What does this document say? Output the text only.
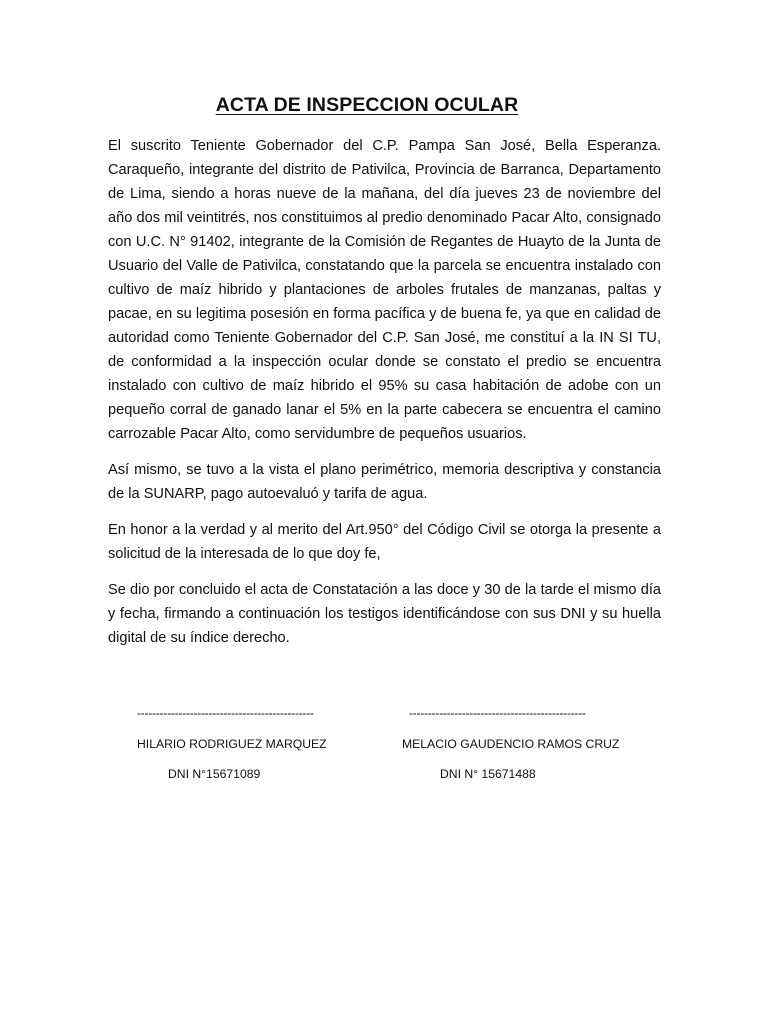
ACTA DE INSPECCION OCULAR

El suscrito Teniente Gobernador del C.P. Pampa San José, Bella Esperanza. Caraqueño, integrante del distrito de Pativilca, Provincia de Barranca, Departamento de Lima, siendo a horas nueve de la mañana, del día jueves 23 de noviembre del año dos mil veintitrés, nos constituimos al predio denominado Pacar Alto, consignado con U.C. N° 91402, integrante de la Comisión de Regantes de Huayto de la Junta de Usuario del Valle de Pativilca, constatando que la parcela se encuentra instalado con cultivo de maíz hibrido y plantaciones de arboles frutales de manzanas, paltas y pacae, en su legitima posesión en forma pacífica y de buena fe, ya que en calidad de autoridad como Teniente Gobernador del C.P. San José, me constituí a la IN SI TU, de conformidad a la inspección ocular donde se constato el predio se encuentra instalado con cultivo de maíz hibrido el 95% su casa habitación de adobe con un pequeño corral de ganado lanar el 5% en la parte cabecera se encuentra el camino carrozable Pacar Alto, como servidumbre de pequeños usuarios.

Así mismo, se tuvo a la vista el plano perimétrico, memoria descriptiva y constancia de la SUNARP, pago autoevaluó y tarifa de agua.

En honor a la verdad y al merito del Art.950° del Código Civil se otorga la presente a solicitud de la interesada de lo que doy fe,

Se dio por concluido el acta de Constatación a las doce y 30 de la tarde el mismo día y fecha, firmando a continuación los testigos identificándose con sus DNI y su huella digital de su índice derecho.

-----------------------------------------------
HILARIO RODRIGUEZ MARQUEZ
DNI N°15671089
-----------------------------------------------
MELACIO GAUDENCIO RAMOS CRUZ
DNI N° 15671488
